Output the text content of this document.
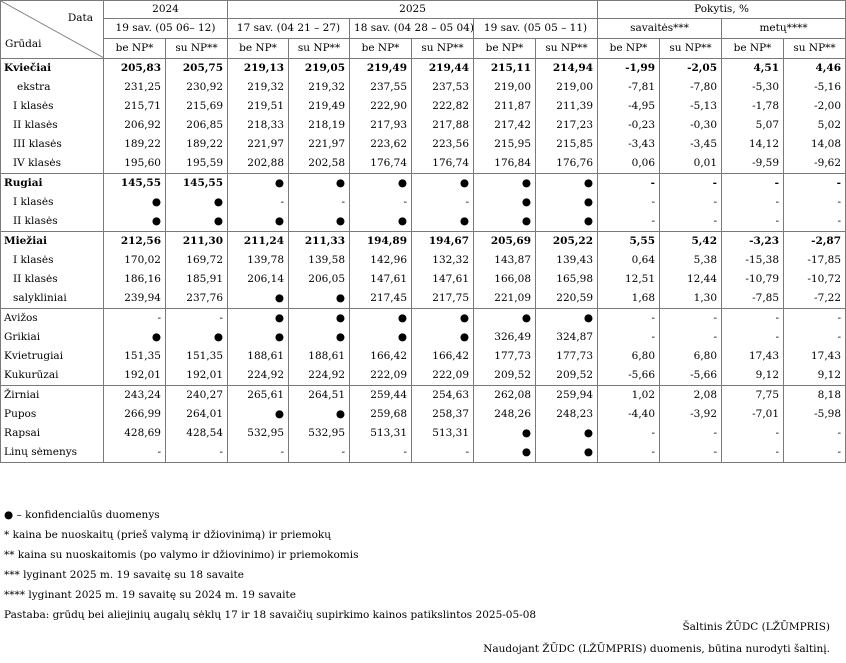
Data
Grūdai	2024		2025						Pokytis, %			
	19 sav. (05 06– 12)		17 sav. (04 21 – 27)		18 sav. (04 28 – 05 04)		19 sav. (05 05 – 11)		savaitės***		metų****	
	be NP*	su NP**	be NP*	su NP**	be NP*	su NP**	be NP*	su NP**	be NP*	su NP**	be NP*	su NP**
Kviečiai	205,83	205,75	219,13	219,05	219,49	219,44	215,11	214,94	-1,99	-2,05	4,51	4,46
ekstra	231,25	230,92	219,32	219,32	237,55	237,53	219,00	219,00	-7,81	-7,80	-5,30	-5,16
I klasės	215,71	215,69	219,51	219,49	222,90	222,82	211,87	211,39	-4,95	-5,13	-1,78	-2,00
II klasės	206,92	206,85	218,33	218,19	217,93	217,88	217,42	217,23	-0,23	-0,30	5,07	5,02
III klasės	189,22	189,22	221,97	221,97	223,62	223,56	215,95	215,85	-3,43	-3,45	14,12	14,08
IV klasės	195,60	195,59	202,88	202,58	176,74	176,74	176,84	176,76	0,06	0,01	-9,59	-9,62
Rugiai	145,55	145,55	●	●	●	●	●	●	-	-	-	-
I klasės	●	●	-	-	-	-	●	●	-	-	-	-
II klasės	●	●	●	●	●	●	●	●	-	-	-	-
Miežiai	212,56	211,30	211,24	211,33	194,89	194,67	205,69	205,22	5,55	5,42	-3,23	-2,87
I klasės	170,02	169,72	139,78	139,58	142,96	132,32	143,87	139,43	0,64	5,38	-15,38	-17,85
II klasės	186,16	185,91	206,14	206,05	147,61	147,61	166,08	165,98	12,51	12,44	-10,79	-10,72
salykliniai	239,94	237,76	●	●	217,45	217,75	221,09	220,59	1,68	1,30	-7,85	-7,22
Avižos	-	-	●	●	●	●	●	●	-	-	-	-
Grikiai	●	●	●	●	●	●	326,49	324,87	-	-	-	-
Kvietrugiai	151,35	151,35	188,61	188,61	166,42	166,42	177,73	177,73	6,80	6,80	17,43	17,43
Kukurūzai	192,01	192,01	224,92	224,92	222,09	222,09	209,52	209,52	-5,66	-5,66	9,12	9,12
Žirniai	243,24	240,27	265,61	264,51	259,44	254,63	262,08	259,94	1,02	2,08	7,75	8,18
Pupos	266,99	264,01	●	●	259,68	258,37	248,26	248,23	-4,40	-3,92	-7,01	-5,98
Rapsai	428,69	428,54	532,95	532,95	513,31	513,31	●	●	-	-	-	-
Linų sėmenys	-	-	-	-	-	-	●	●	-	-	-	-
● – konfidencialūs duomenys
* kaina be nuoskaitų (prieš valymą ir džiovinimą) ir priemokų
** kaina su nuoskaitomis (po valymo ir džiovinimo) ir priemokomis
*** lyginant 2025 m. 19 savaitę su 18 savaite
**** lyginant 2025 m. 19 savaitę su 2024 m. 19 savaite
Pastaba: grūdų bei aliejinių augalų sėklų 17 ir 18 savaičių supirkimo kainos patikslintos 2025-05-08
Šaltinis ŽŪDC (LŽŪMPRIS)
Naudojant ŽŪDC (LŽŪMPRIS) duomenis, būtina nurodyti šaltinį.
